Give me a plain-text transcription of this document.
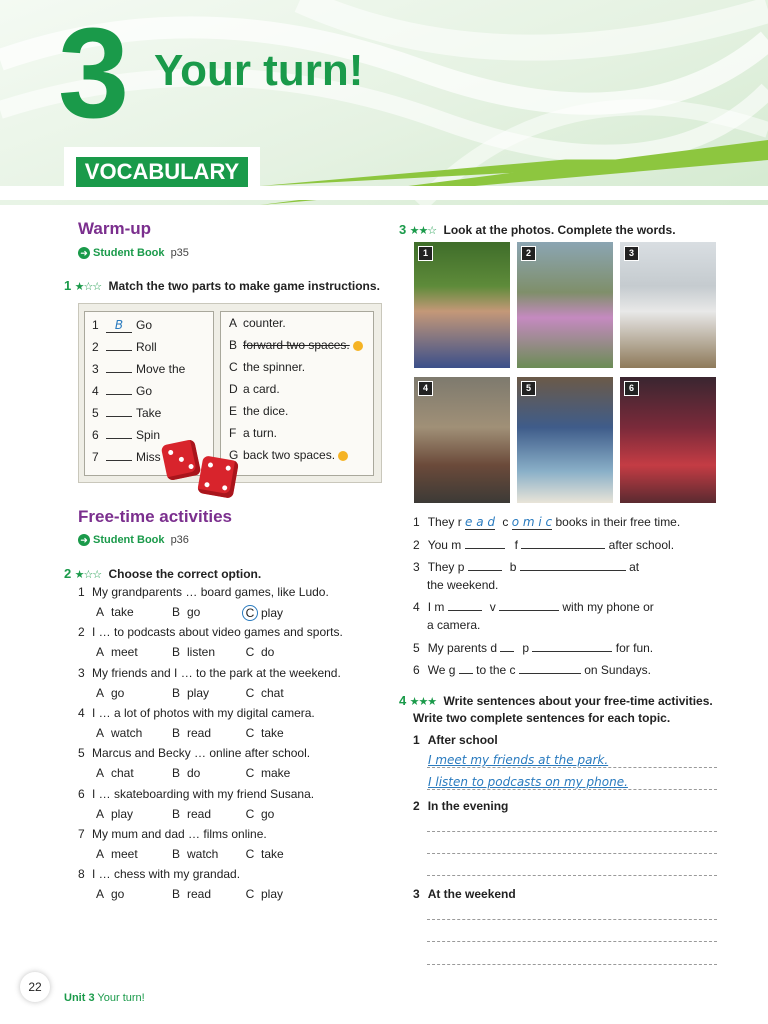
3 Your turn!
VOCABULARY
Warm-up
➜ Student Book p35
1 ★☆☆ Match the two parts to make game instructions.
1 B Go
2	Roll
3	Move the
4	Go
5	Take
6	Spin
7	Miss
A counter.
B forward two spaces.
C the spinner.
D a card.
E the dice.
F a turn.
G back two spaces.
Free-time activities
➜ Student Book p36
2 ★☆☆ Choose the correct option.
1 My grandparents … board games, like Ludo.
A take	B go	C play
2 I … to podcasts about video games and sports.
A meet	B listen	C do
3 My friends and I … to the park at the weekend.
A go	B play	C chat
4 I … a lot of photos with my digital camera.
A watch	B read	C take
5 Marcus and Becky … online after school.
A chat	B do	C make
6 I … skateboarding with my friend Susana.
A play	B read	C go
7 My mum and dad … films online.
A meet	B watch	C take
8 I … chess with my grandad.
A go	B read	C play
3 ★★☆ Look at the photos. Complete the words.
1	2	3
4	5	6
1 They r e a d c o m i c books in their free time.
2 You m	f	after school.
3 They p	b	at
the weekend.
4 I m	v	with my phone or
a camera.
5 My parents d p	for fun.
6 We g to the c	on Sundays.
4 ★★★ Write sentences about your free-time activities.
Write two complete sentences for each topic.
1 After school
I meet my friends at the park.
I listen to podcasts on my phone.
2 In the evening
3 At the weekend
22
Unit 3 Your turn!
